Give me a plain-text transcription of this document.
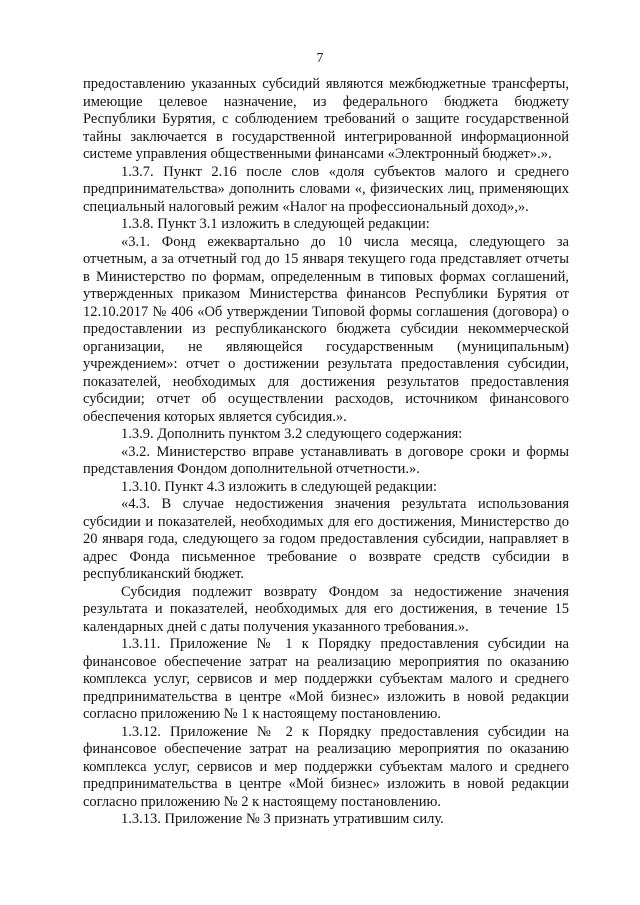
7

предоставлению указанных субсидий являются межбюджетные трансферты, имеющие целевое назначение, из федерального бюджета бюджету Республики Бурятия, с соблюдением требований о защите государственной тайны заключается в государственной интегрированной информационной системе управления общественными финансами «Электронный бюджет».».

1.3.7. Пункт 2.16 после слов «доля субъектов малого и среднего предпринимательства» дополнить словами «, физических лиц, применяющих специальный налоговый режим «Налог на профессиональный доход»,».

1.3.8. Пункт 3.1 изложить в следующей редакции:

«3.1. Фонд ежеквартально до 10 числа месяца, следующего за отчетным, а за отчетный год до 15 января текущего года представляет отчеты в Министерство по формам, определенным в типовых формах соглашений, утвержденных приказом Министерства финансов Республики Бурятия от 12.10.2017 № 406 «Об утверждении Типовой формы соглашения (договора) о предоставлении из республиканского бюджета субсидии некоммерческой организации, не являющейся государственным (муниципальным) учреждением»: отчет о достижении результата предоставления субсидии, показателей, необходимых для достижения результатов предоставления субсидии; отчет об осуществлении расходов, источником финансового обеспечения которых является субсидия.».

1.3.9. Дополнить пунктом 3.2 следующего содержания:

«3.2. Министерство вправе устанавливать в договоре сроки и формы представления Фондом дополнительной отчетности.».

1.3.10. Пункт 4.3 изложить в следующей редакции:

«4.3. В случае недостижения значения результата использования субсидии и показателей, необходимых для его достижения, Министерство до 20 января года, следующего за годом предоставления субсидии, направляет в адрес Фонда письменное требование о возврате средств субсидии в республиканский бюджет.

Субсидия подлежит возврату Фондом за недостижение значения результата и показателей, необходимых для его достижения, в течение 15 календарных дней с даты получения указанного требования.».

1.3.11. Приложение № 1 к Порядку предоставления субсидии на финансовое обеспечение затрат на реализацию мероприятия по оказанию комплекса услуг, сервисов и мер поддержки субъектам малого и среднего предпринимательства в центре «Мой бизнес» изложить в новой редакции согласно приложению № 1 к настоящему постановлению.

1.3.12. Приложение № 2 к Порядку предоставления субсидии на финансовое обеспечение затрат на реализацию мероприятия по оказанию комплекса услуг, сервисов и мер поддержки субъектам малого и среднего предпринимательства в центре «Мой бизнес» изложить в новой редакции согласно приложению № 2 к настоящему постановлению.

1.3.13. Приложение № 3 признать утратившим силу.
